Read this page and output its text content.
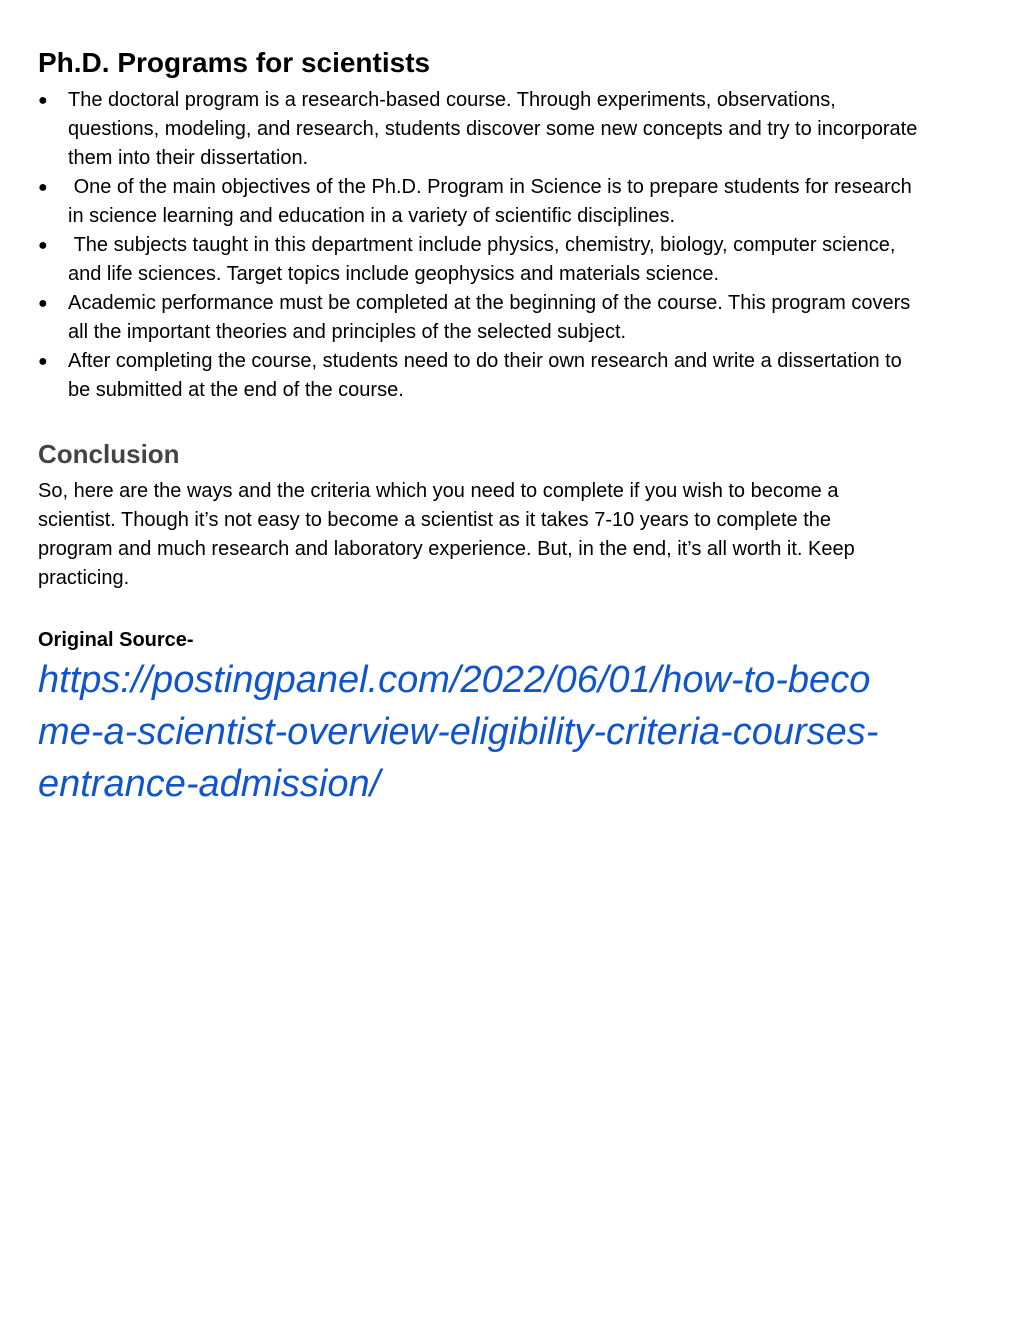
Ph.D. Programs for scientists
●	The doctoral program is a research-based course. Through experiments, observations, questions, modeling, and research, students discover some new concepts and try to incorporate them into their dissertation.
●	One of the main objectives of the Ph.D. Program in Science is to prepare students for research in science learning and education in a variety of scientific disciplines.
●	The subjects taught in this department include physics, chemistry, biology, computer science, and life sciences. Target topics include geophysics and materials science.
●	Academic performance must be completed at the beginning of the course. This program covers all the important theories and principles of the selected subject.
●	After completing the course, students need to do their own research and write a dissertation to be submitted at the end of the course.
Conclusion

So, here are the ways and the criteria which you need to complete if you wish to become a scientist. Though it’s not easy to become a scientist as it takes 7-10 years to complete the program and much research and laboratory experience. But, in the end, it’s all worth it. Keep practicing.

Original Source-

https://postingpanel.com/2022/06/01/how-to-become-a-scientist-overview-eligibility-criteria-courses-entrance-admission/
